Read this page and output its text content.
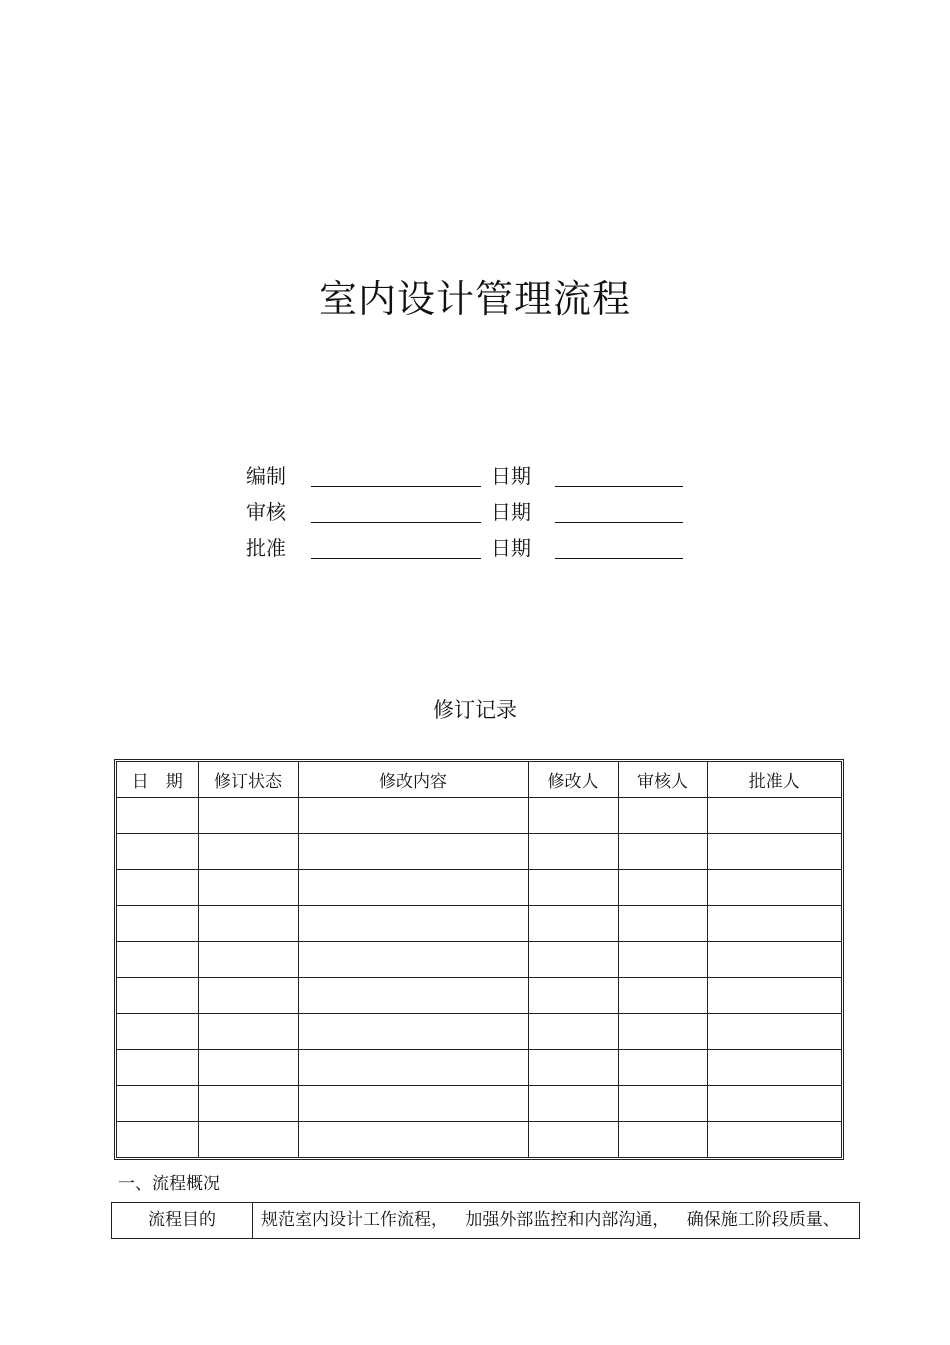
室内设计管理流程
编制	日期
审核	日期
批准	日期
修订记录
日　期	修订状态	修改内容	修改人	审核人	批准人

一、流程概况
流程目的	规范室内设计工作流程， 加强外部监控和内部沟通， 确保施工阶段质量、
